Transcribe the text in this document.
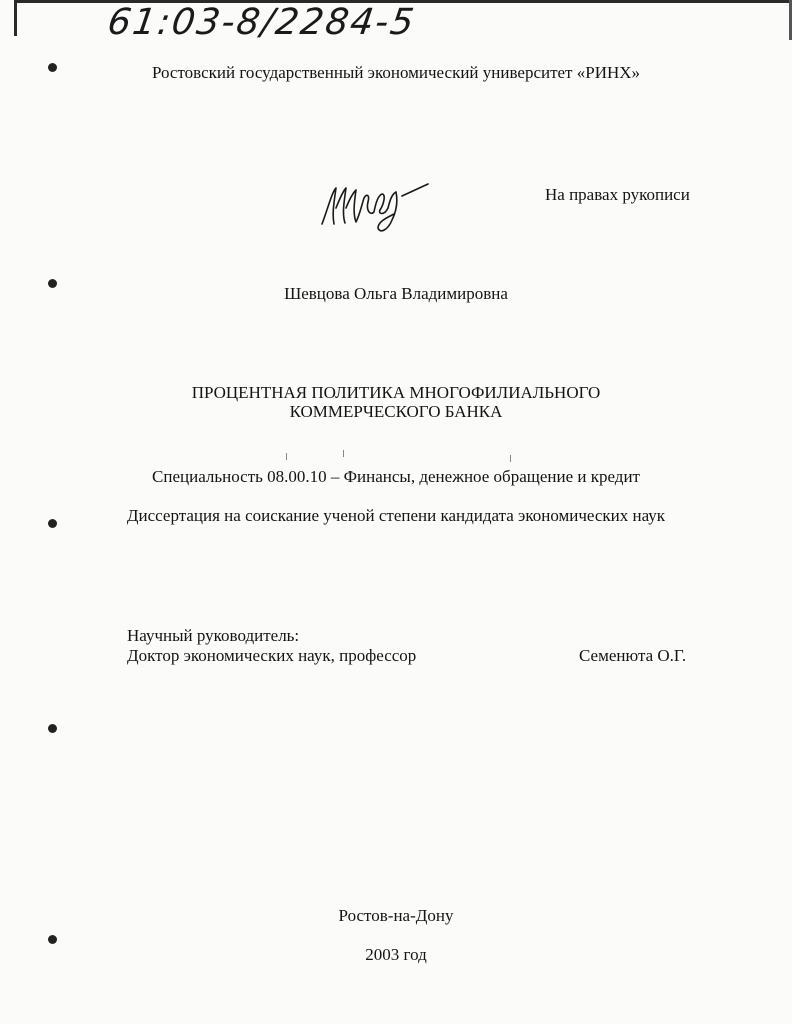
61:03-8/2284-5
Ростовский государственный экономический университет «РИНХ»
На правах рукописи
Шевцова Ольга Владимировна
ПРОЦЕНТНАЯ ПОЛИТИКА МНОГОФИЛИАЛЬНОГО
КОММЕРЧЕСКОГО БАНКА
Специальность 08.00.10 – Финансы, денежное обращение и кредит
Диссертация на соискание ученой степени кандидата экономических наук
Научный руководитель:
Доктор экономических наук, профессор	Семенюта О.Г.
Ростов-на-Дону
2003 год
